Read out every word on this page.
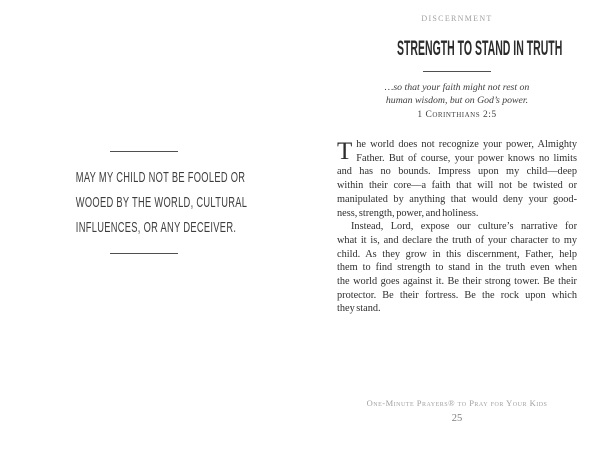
MAY MY CHILD NOT BE FOOLED OR
WOOED BY THE WORLD, CULTURAL
INFLUENCES, OR ANY DECEIVER.
DISCERNMENT
STRENGTH TO STAND IN TRUTH
…so that your faith might not rest on
human wisdom, but on God’s power.
1 Corinthians 2:5
T he world does not recognize your power, Almighty
Father. But of course, your power knows no limits
and has no bounds. Impress upon my child—deep
within their core—a faith that will not be twisted or
manipulated by anything that would deny your good-
ness, strength, power, and holiness.
Instead, Lord, expose our culture’s narrative for
what it is, and declare the truth of your character to my
child. As they grow in this discernment, Father, help
them to find strength to stand in the truth even when
the world goes against it. Be their strong tower. Be their
protector. Be their fortress. Be the rock upon which
they stand.
One-Minute Prayers® to Pray for Your Kids
25
